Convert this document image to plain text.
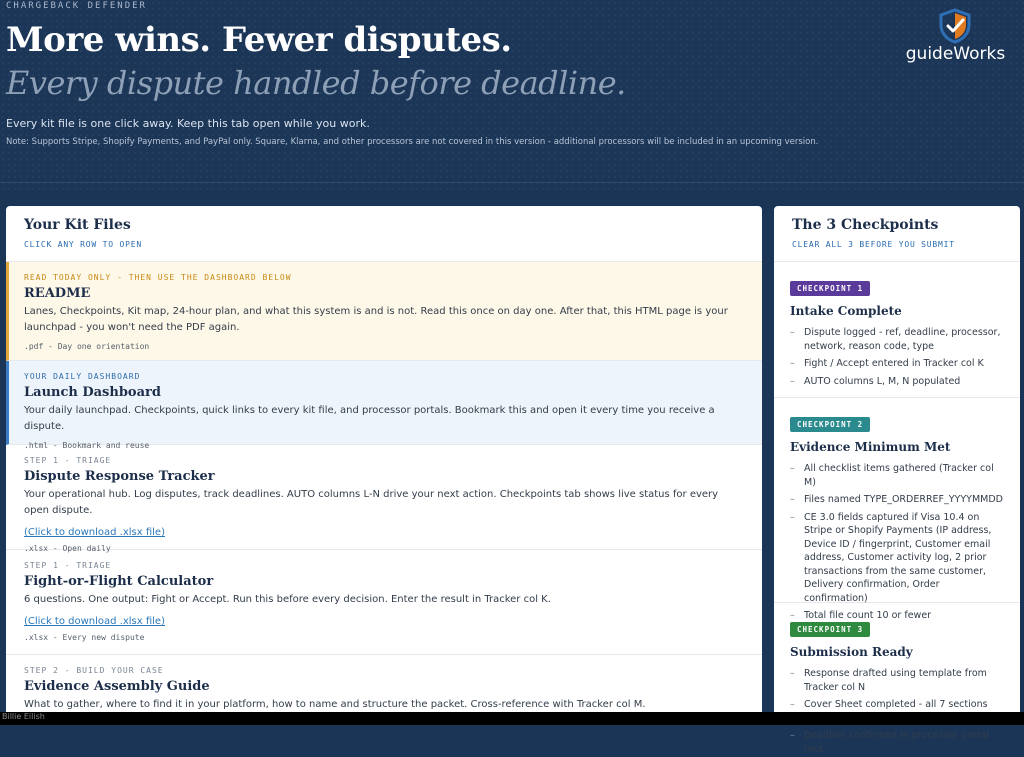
CHARGEBACK DEFENDER
More wins. Fewer disputes.
Every dispute handled before deadline.
Every kit file is one click away. Keep this tab open while you work.
Note: Supports Stripe, Shopify Payments, and PayPal only. Square, Klarna, and other processors are not covered in this version - additional processors will be included in an upcoming version.
guideWorks
Your Kit Files
CLICK ANY ROW TO OPEN
READ TODAY ONLY - THEN USE THE DASHBOARD BELOW
README
Lanes, Checkpoints, Kit map, 24-hour plan, and what this system is and is not. Read this once on day one. After that, this HTML page is your launchpad - you won't need the PDF again.
.pdf - Day one orientation
YOUR DAILY DASHBOARD
Launch Dashboard
Your daily launchpad. Checkpoints, quick links to every kit file, and processor portals. Bookmark this and open it every time you receive a dispute.
.html - Bookmark and reuse
STEP 1 - TRIAGE
Dispute Response Tracker
Your operational hub. Log disputes, track deadlines. AUTO columns L-N drive your next action. Checkpoints tab shows live status for every open dispute.
(Click to download .xlsx file)
.xlsx - Open daily
STEP 1 - TRIAGE
Fight-or-Flight Calculator
6 questions. One output: Fight or Accept. Run this before every decision. Enter the result in Tracker col K.
(Click to download .xlsx file)
.xlsx - Every new dispute
STEP 2 - BUILD YOUR CASE
Evidence Assembly Guide
What to gather, where to find it in your platform, how to name and structure the packet. Cross-reference with Tracker col M.
The 3 Checkpoints
CLEAR ALL 3 BEFORE YOU SUBMIT
CHECKPOINT 1
Intake Complete
– Dispute logged - ref, deadline, processor, network, reason code, type
– Fight / Accept entered in Tracker col K
– AUTO columns L, M, N populated
CHECKPOINT 2
Evidence Minimum Met
– All checklist items gathered (Tracker col M)
– Files named TYPE_ORDERREF_YYYYMMDD
– CE 3.0 fields captured if Visa 10.4 on Stripe or Shopify Payments (IP address, Device ID / fingerprint, Customer email address, Customer activity log, 2 prior transactions from the same customer, Delivery confirmation, Order confirmation)
– Total file count 10 or fewer
CHECKPOINT 3
Submission Ready
– Response drafted using template from Tracker col N
– Cover Sheet completed - all 7 sections
– Deadline confirmed in processor portal (not
Billie Eilish
